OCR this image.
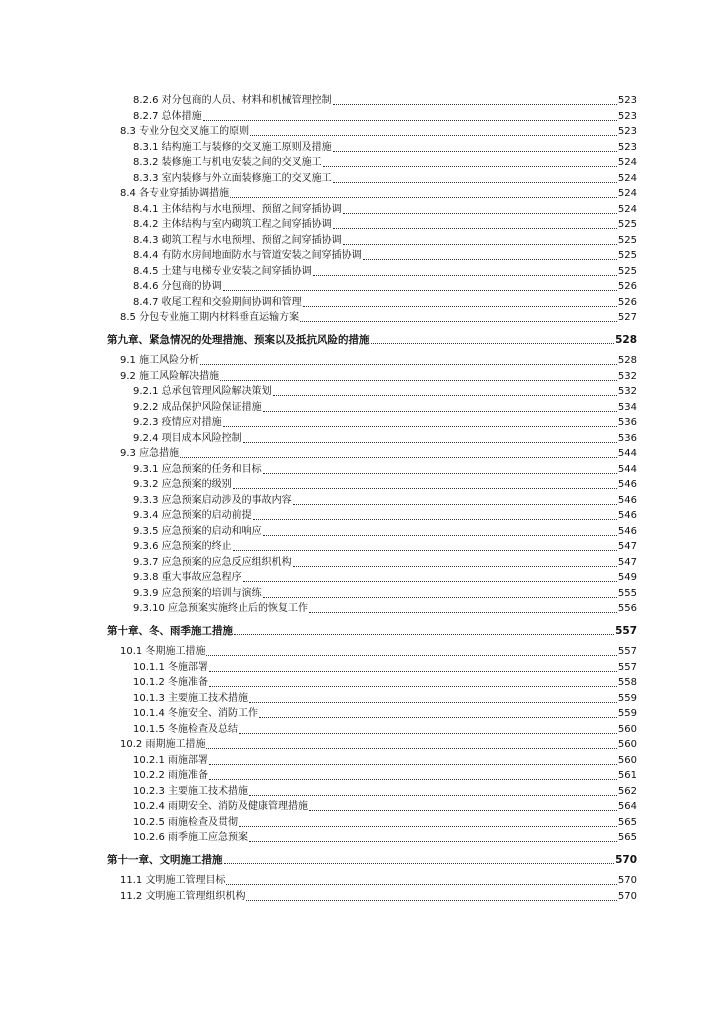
8.2.6 对分包商的人员、材料和机械管理控制	523
8.2.7 总体措施	523
8.3 专业分包交叉施工的原则	523
8.3.1 结构施工与装修的交叉施工原则及措施	523
8.3.2 装修施工与机电安装之间的交叉施工	524
8.3.3 室内装修与外立面装修施工的交叉施工	524
8.4 各专业穿插协调措施	524
8.4.1 主体结构与水电预埋、预留之间穿插协调	524
8.4.2 主体结构与室内砌筑工程之间穿插协调	525
8.4.3 砌筑工程与水电预埋、预留之间穿插协调	525
8.4.4 有防水房间地面防水与管道安装之间穿插协调	525
8.4.5 土建与电梯专业安装之间穿插协调	525
8.4.6 分包商的协调	526
8.4.7 收尾工程和交验期间协调和管理	526
8.5 分包专业施工期内材料垂直运输方案	527
第九章、紧急情况的处理措施、预案以及抵抗风险的措施	528
9.1 施工风险分析	528
9.2 施工风险解决措施	532
9.2.1 总承包管理风险解决策划	532
9.2.2 成品保护风险保证措施	534
9.2.3 疫情应对措施	536
9.2.4 项目成本风险控制	536
9.3 应急措施	544
9.3.1 应急预案的任务和目标	544
9.3.2 应急预案的级别	546
9.3.3 应急预案启动涉及的事故内容	546
9.3.4 应急预案的启动前提	546
9.3.5 应急预案的启动和响应	546
9.3.6 应急预案的终止	547
9.3.7 应急预案的应急反应组织机构	547
9.3.8 重大事故应急程序	549
9.3.9 应急预案的培训与演练	555
9.3.10 应急预案实施终止后的恢复工作	556
第十章、冬、雨季施工措施	557
10.1 冬期施工措施	557
10.1.1 冬施部署	557
10.1.2 冬施准备	558
10.1.3 主要施工技术措施	559
10.1.4 冬施安全、消防工作	559
10.1.5 冬施检查及总结	560
10.2 雨期施工措施	560
10.2.1 雨施部署	560
10.2.2 雨施准备	561
10.2.3 主要施工技术措施	562
10.2.4 雨期安全、消防及健康管理措施	564
10.2.5 雨施检查及贯彻	565
10.2.6 雨季施工应急预案	565
第十一章、文明施工措施	570
11.1 文明施工管理目标	570
11.2 文明施工管理组织机构	570
